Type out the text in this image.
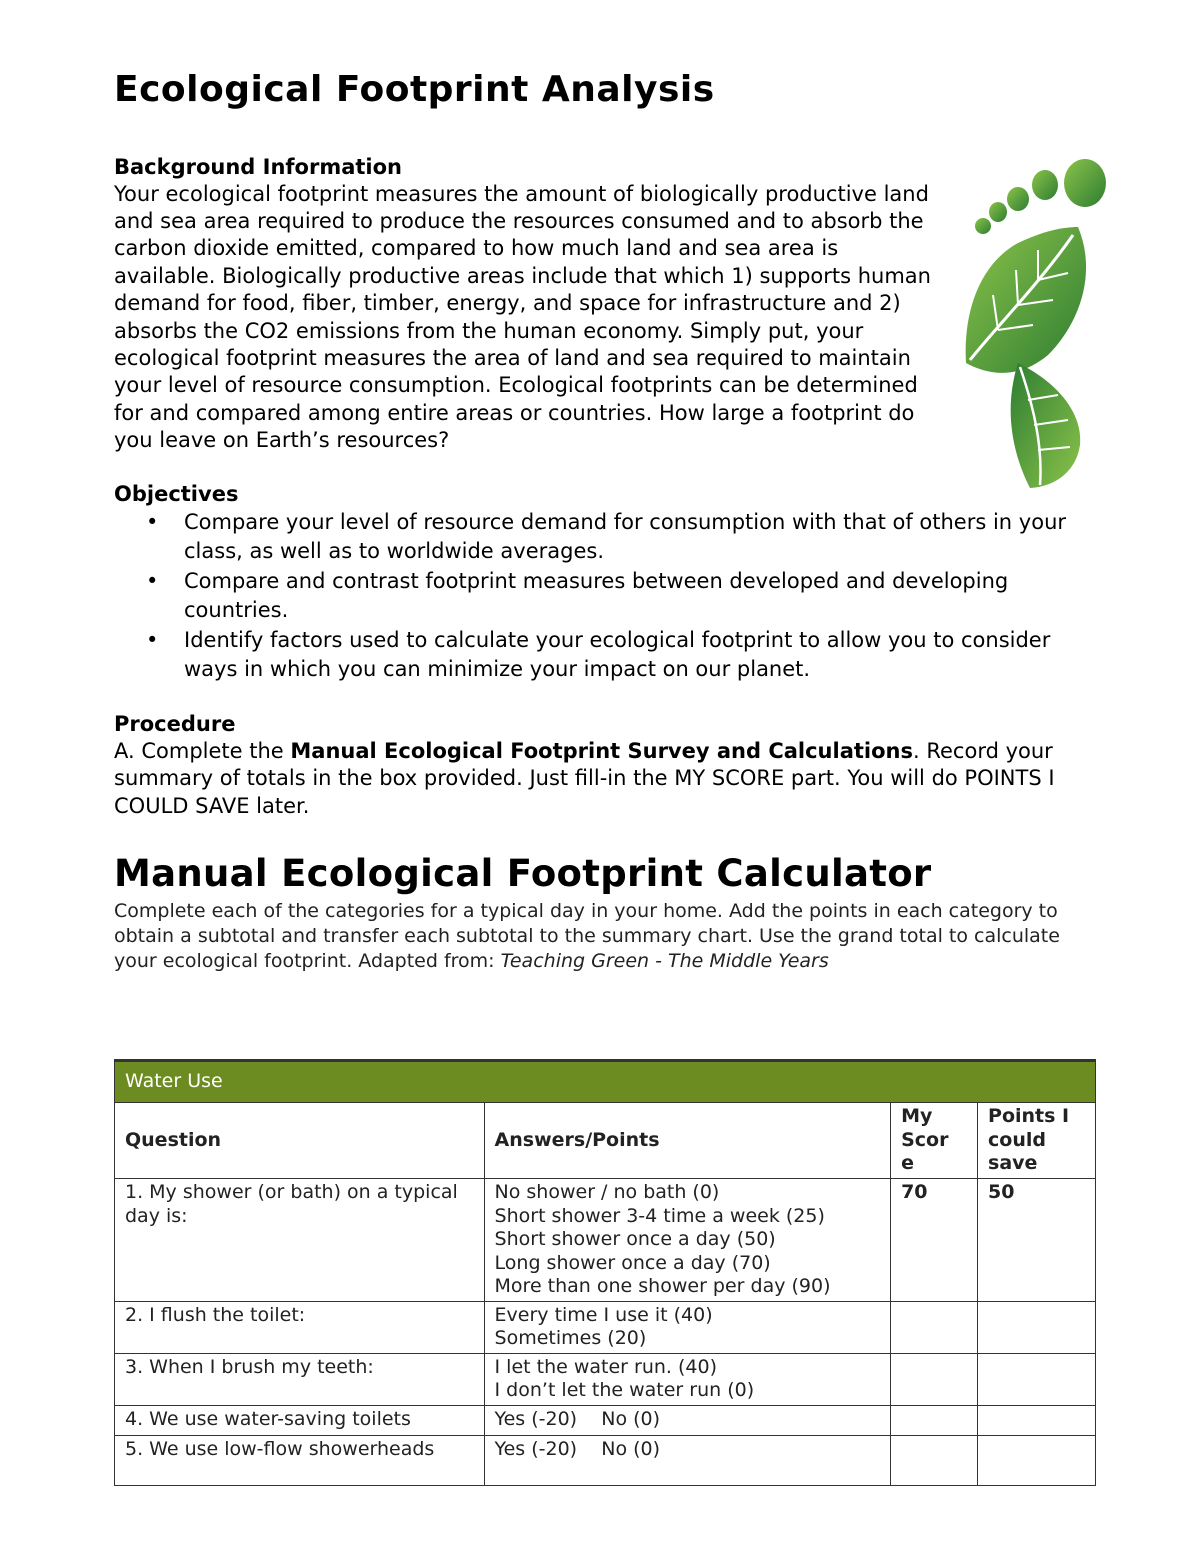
Ecological Footprint Analysis

Background Information

Your ecological footprint measures the amount of biologically productive land and sea area required to produce the resources consumed and to absorb the carbon dioxide emitted, compared to how much land and sea area is available. Biologically productive areas include that which 1) supports human demand for food, fiber, timber, energy, and space for infrastructure and 2) absorbs the CO2 emissions from the human economy. Simply put, your ecological footprint measures the area of land and sea required to maintain your level of resource consumption. Ecological footprints can be determined for and compared among entire areas or countries. How large a footprint do you leave on Earth’s resources?

Objectives

• Compare your level of resource demand for consumption with that of others in your class, as well as to worldwide averages.
• Compare and contrast footprint measures between developed and developing countries.
• Identify factors used to calculate your ecological footprint to allow you to consider ways in which you can minimize your impact on our planet.

Procedure

A. Complete the Manual Ecological Footprint Survey and Calculations. Record your summary of totals in the box provided. Just fill-in the MY SCORE part. You will do POINTS I COULD SAVE later.

Manual Ecological Footprint Calculator

Complete each of the categories for a typical day in your home. Add the points in each category to obtain a subtotal and transfer each subtotal to the summary chart. Use the grand total to calculate your ecological footprint. Adapted from: Teaching Green - The Middle Years

Water Use			
Question	Answers/Points	My Scor e	Points I could save
1. My shower (or bath) on a typical day is:	No shower / no bath (0)
Short shower 3-4 time a week (25)
Short shower once a day (50)
Long shower once a day (70)
More than one shower per day (90)	70	50
2. I flush the toilet:	Every time I use it (40)
Sometimes (20)		

3. When I brush my teeth:	I let the water run. (40)
I don’t let the water run (0)		

4. We use water-saving toilets	Yes (-20)    No (0)		
5. We use low-flow showerheads	Yes (-20)    No (0)		
